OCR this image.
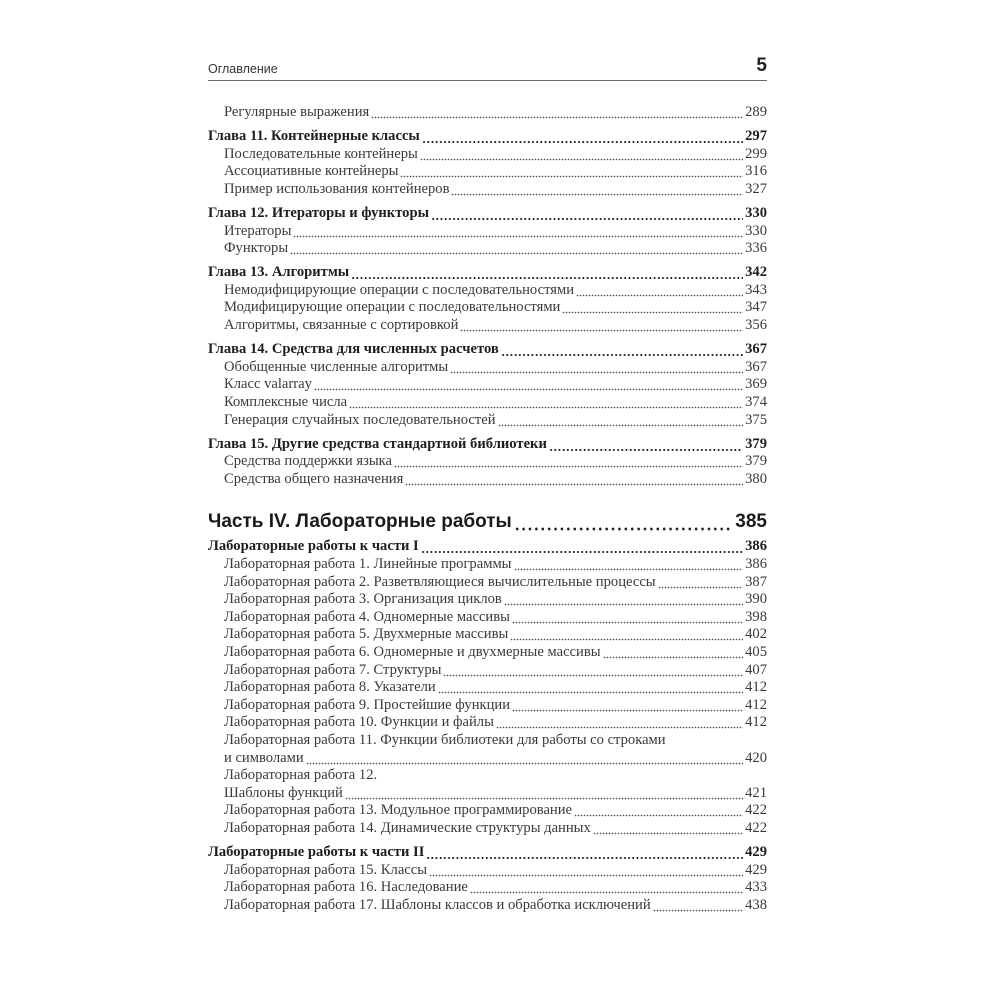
Оглавление	5
Регулярные выражения	289
Глава 11. Контейнерные классы	297
Последовательные контейнеры	299
Ассоциативные контейнеры	316
Пример использования контейнеров	327
Глава 12. Итераторы и функторы	330
Итераторы	330
Функторы	336
Глава 13. Алгоритмы	342
Немодифицирующие операции с последовательностями	343
Модифицирующие операции с последовательностями	347
Алгоритмы, связанные с сортировкой	356
Глава 14. Средства для численных расчетов	367
Обобщенные численные алгоритмы	367
Класс valarray	369
Комплексные числа	374
Генерация случайных последовательностей	375
Глава 15. Другие средства стандартной библиотеки	379
Средства поддержки языка	379
Средства общего назначения	380
Часть IV. Лабораторные работы	385
Лабораторные работы к части I	386
Лабораторная работа 1. Линейные программы	386
Лабораторная работа 2. Разветвляющиеся вычислительные процессы	387
Лабораторная работа 3. Организация циклов	390
Лабораторная работа 4. Одномерные массивы	398
Лабораторная работа 5. Двухмерные массивы	402
Лабораторная работа 6. Одномерные и двухмерные массивы	405
Лабораторная работа 7. Структуры	407
Лабораторная работа 8. Указатели	412
Лабораторная работа 9. Простейшие функции	412
Лабораторная работа 10. Функции и файлы	412
Лабораторная работа 11. Функции библиотеки для работы со строками
и символами	420
Лабораторная работа 12.
Шаблоны функций	421
Лабораторная работа 13. Модульное программирование	422
Лабораторная работа 14. Динамические структуры данных	422
Лабораторные работы к части II	429
Лабораторная работа 15. Классы	429
Лабораторная работа 16. Наследование	433
Лабораторная работа 17. Шаблоны классов и обработка исключений	438
